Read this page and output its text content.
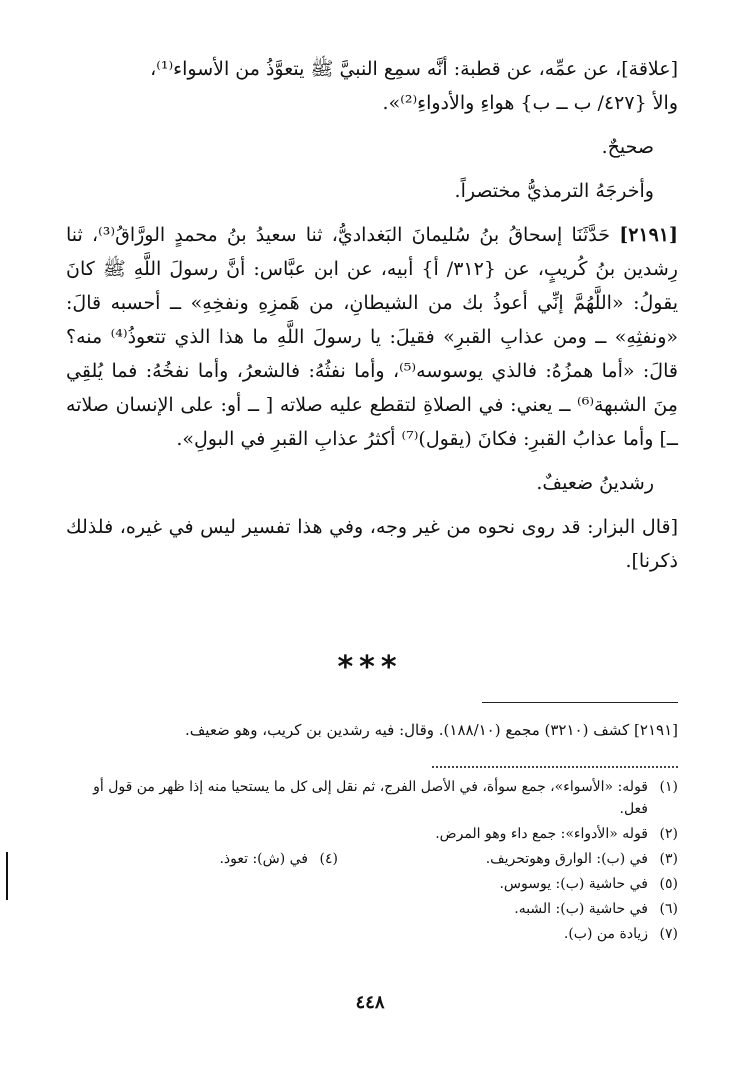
[علاقة]، عن عمِّه، عن قطبة: أنَّه سمِع النبيَّ ﷺ يتعوَّذُ من الأسواء⁽¹⁾،

والأ {٤٢٧/ ب ــ ب} هواءِ والأدواءِ⁽²⁾».

صحيحٌ.

وأخرجَهُ الترمذيُّ مختصراً.

[٢١٩١] حَدَّثَنَا إسحاقُ بنُ سُليمانَ البَغداديُّ، ثنا سعيدُ بنُ محمدٍ الورَّاقُ⁽³⁾، ثنا رِشدين بنُ كُريبٍ، عن {٣١٢/ أ} أبيه، عن ابن عبَّاس: أنَّ رسولَ اللَّهِ ﷺ كانَ يقولُ: «اللَّهُمَّ إنِّي أعوذُ بك من الشيطانِ، من هَمزِهِ ونفخِهِ» ــ أحسبه قالَ: «ونفثِهِ» ــ ومن عذابِ القبرِ» فقيلَ: يا رسولَ اللَّهِ ما هذا الذي تتعوذُ⁽⁴⁾ منه؟ قالَ: «أما همزُهُ: فالذي يوسوسه⁽⁵⁾، وأما نفثُهُ: فالشعرُ، وأما نفخُهُ: فما يُلقِي مِنَ الشبهة⁽⁶⁾ ــ يعني: في الصلاةِ لتقطع عليه صلاته [ ــ أو: على الإنسان صلاته ــ] وأما عذابُ القبرِ: فكانَ (يقول)⁽⁷⁾ أكثرُ عذابِ القبرِ في البولِ».

رشدينُ ضعيفٌ.

[قال البزار: قد روى نحوه من غير وجه، وفي هذا تفسير ليس في غيره، فلذلك ذكرنا].

***
[٢١٩١] كشف (٣٢١٠) مجمع (١٨٨/١٠). وقال: فيه رشدين بن كريب، وهو ضعيف.
(١)
قوله: «الأسواء»، جمع سوأة، في الأصل الفرج، ثم نقل إلى كل ما يستحيا منه إذا ظهر من قول أو فعل.
(٢)
قوله «الأدواء»: جمع داء وهو المرض.
(٣)
في (ب): الوارق وهوتحريف.
(٤)
في (ش): تعوذ.
(٥)
في حاشية (ب): يوسوس.
(٦)
في حاشية (ب): الشبه.
(٧)
زيادة من (ب).
٤٤٨
